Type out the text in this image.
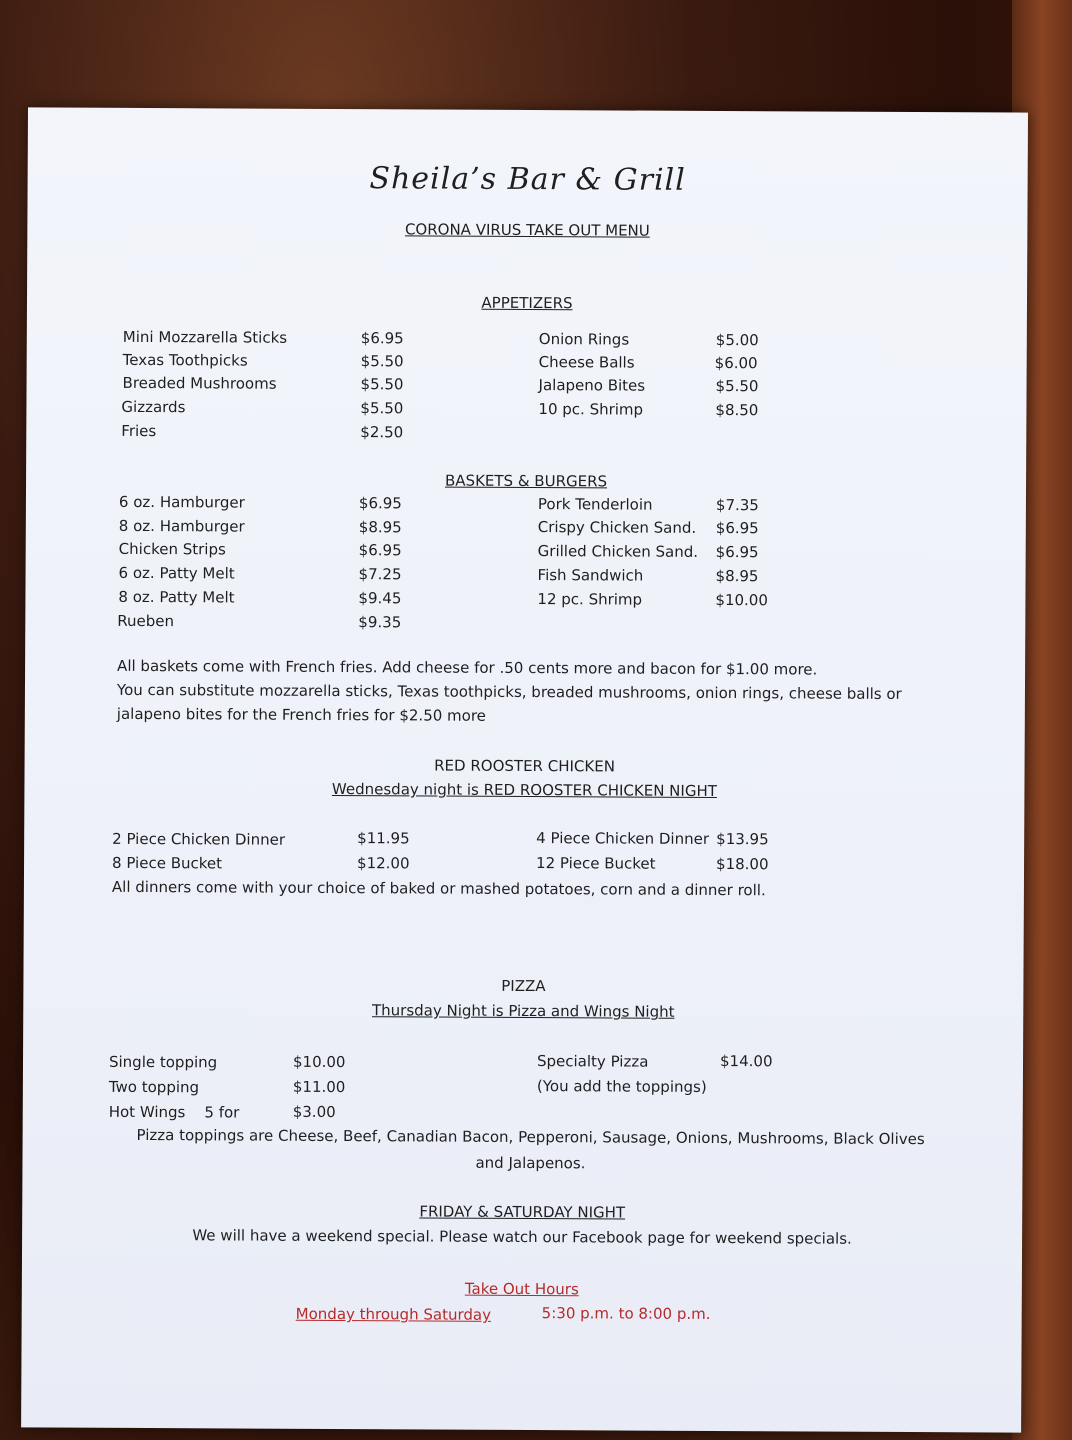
Sheila’s Bar & Grill
CORONA VIRUS TAKE OUT MENU
APPETIZERS
Mini Mozzarella Sticks	$6.95
Texas Toothpicks	$5.50
Breaded Mushrooms	$5.50
Gizzards	$5.50
Fries	$2.50
Onion Rings	$5.00
Cheese Balls	$6.00
Jalapeno Bites	$5.50
10 pc. Shrimp	$8.50
BASKETS & BURGERS
6 oz. Hamburger	$6.95
8 oz. Hamburger	$8.95
Chicken Strips	$6.95
6 oz. Patty Melt	$7.25
8 oz. Patty Melt	$9.45
Rueben	$9.35
Pork Tenderloin	$7.35
Crispy Chicken Sand. $6.95
Grilled Chicken Sand. $6.95
Fish Sandwich	$8.95
12 pc. Shrimp	$10.00
All baskets come with French fries. Add cheese for .50 cents more and bacon for $1.00 more.
You can substitute mozzarella sticks, Texas toothpicks, breaded mushrooms, onion rings, cheese balls or
jalapeno bites for the French fries for $2.50 more
RED ROOSTER CHICKEN
Wednesday night is RED ROOSTER CHICKEN NIGHT
2 Piece Chicken Dinner	$11.95
8 Piece Bucket	$12.00
4 Piece Chicken Dinner $13.95
12 Piece Bucket	$18.00
All dinners come with your choice of baked or mashed potatoes, corn and a dinner roll.
PIZZA
Thursday Night is Pizza and Wings Night
Single topping	$10.00
Two topping	$11.00
Hot Wings    5 for	$3.00
Specialty Pizza	$14.00
(You add the toppings)
Pizza toppings are Cheese, Beef, Canadian Bacon, Pepperoni, Sausage, Onions, Mushrooms, Black Olives
and Jalapenos.
FRIDAY & SATURDAY NIGHT
We will have a weekend special. Please watch our Facebook page for weekend specials.
Take Out Hours
Monday through Saturday	5:30 p.m. to 8:00 p.m.
